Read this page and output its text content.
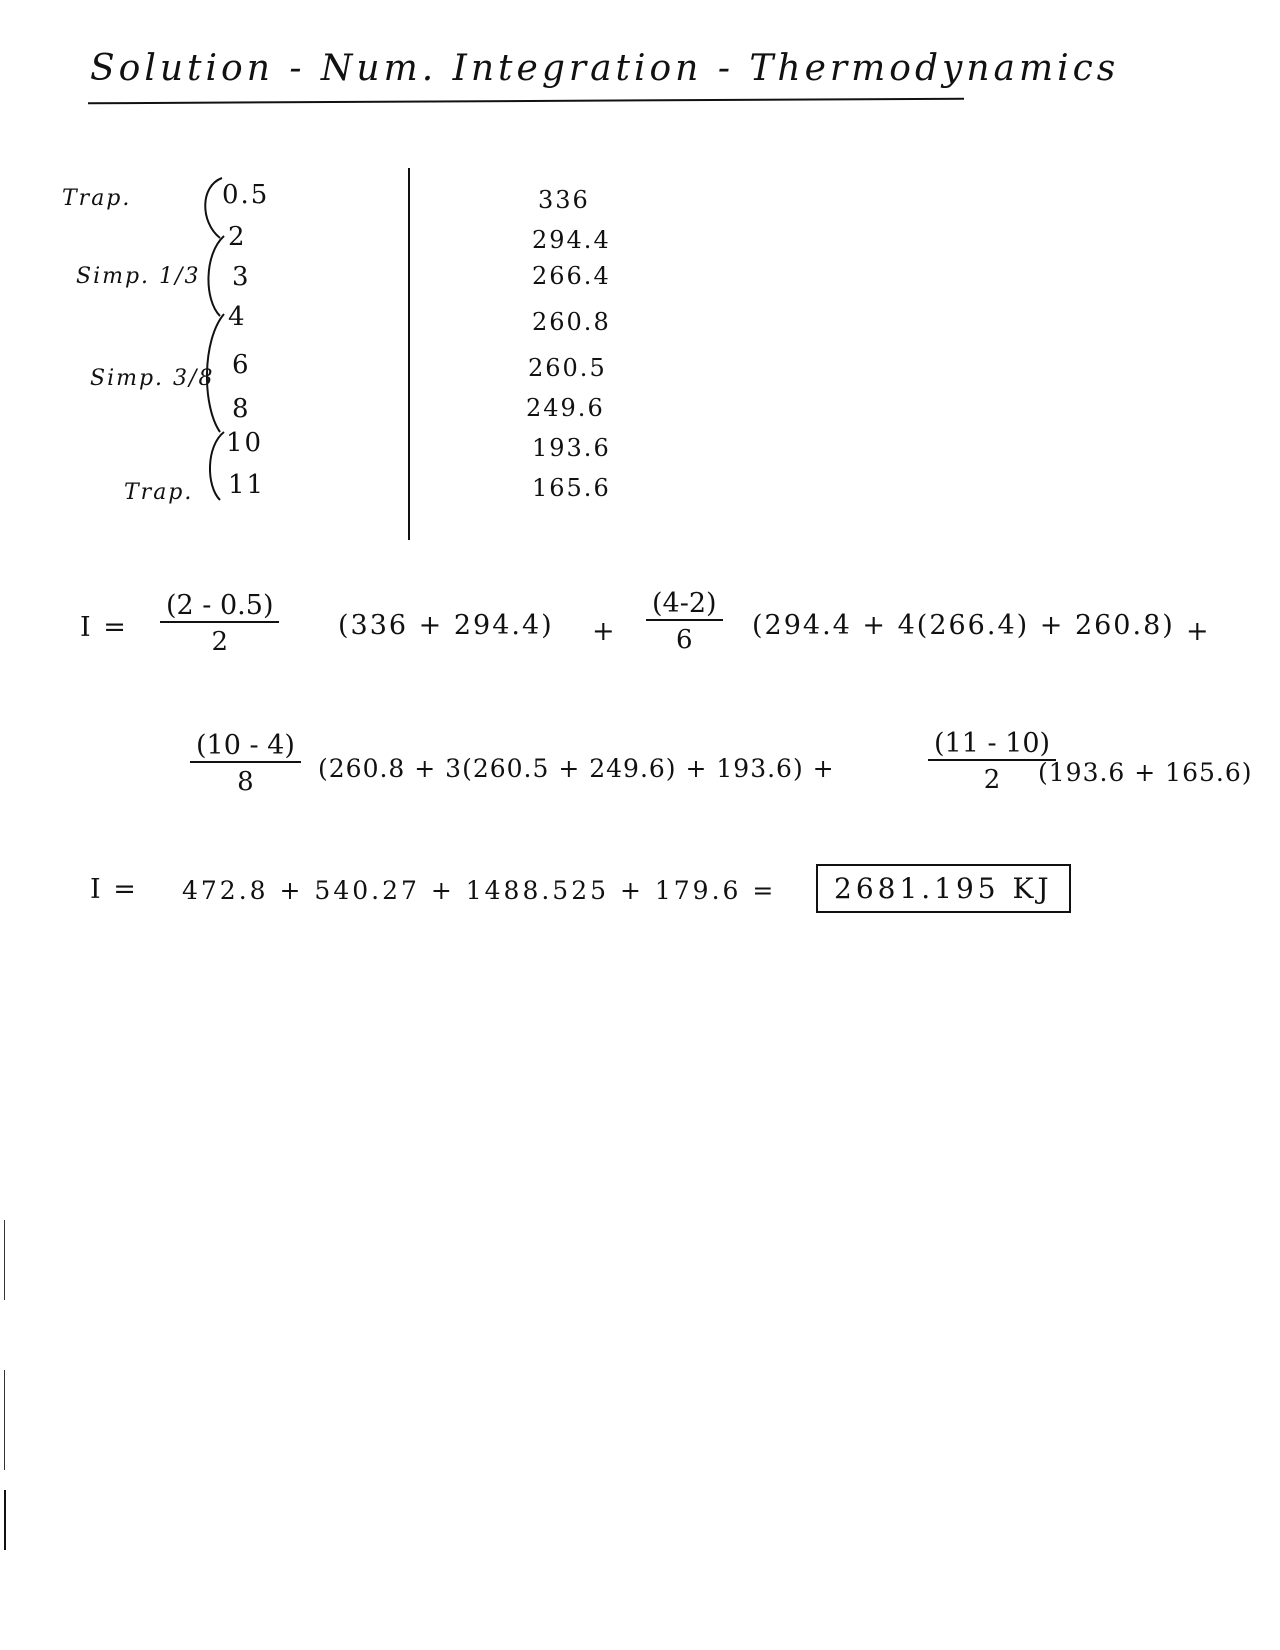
Solution - Num. Integration - Thermodynamics
Trap.
Simp. 1/3
Simp. 3/8
Trap.
0.5
2
3
4
6
8
10
11
336
294.4
266.4
260.8
260.5
249.6
193.6
165.6
$I = \frac{(2 - 0.5)}{2} (336 + 294.4) + \frac{(4-2)}{6} (294.4 + 4(266.4) + 260.8)$ +
$\frac{(10 - 4)}{8} (260.8 + 3(260.5 + 249.6) + 193.6)$ +	$\frac{(11 - 10)}{2}$
(193.6 + 165.6)
I = 472.8 + 540.27 + 1488.525 + 179.6 =	2681.195 KJ
